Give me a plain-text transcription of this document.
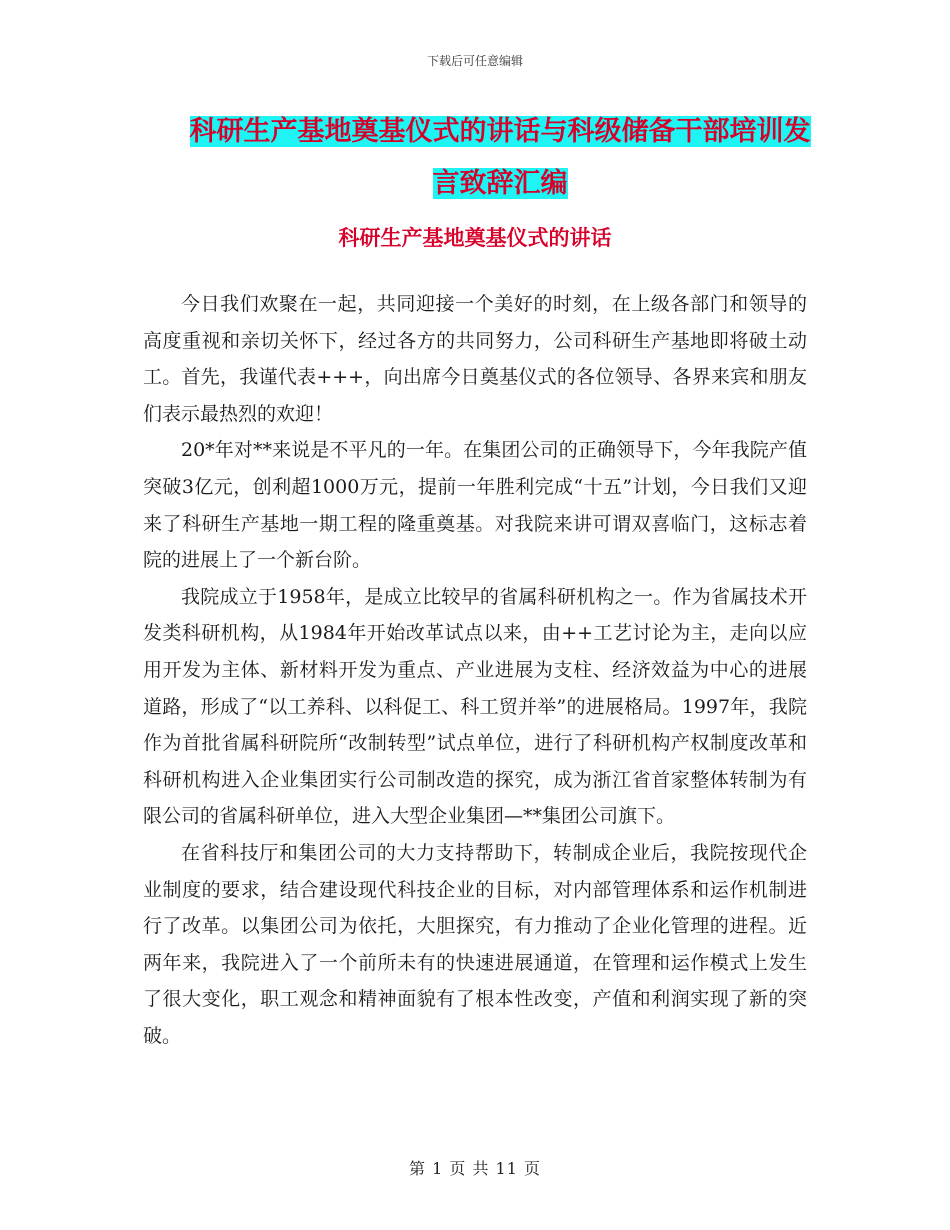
下载后可任意编辑
科研生产基地奠基仪式的讲话与科级储备干部培训发
言致辞汇编
科研生产基地奠基仪式的讲话

今日我们欢聚在一起，共同迎接一个美好的时刻，在上级各部门和领导的高度重视和亲切关怀下，经过各方的共同努力，公司科研生产基地即将破土动工。首先，我谨代表+++，向出席今日奠基仪式的各位领导、各界来宾和朋友们表示最热烈的欢迎！

20*年对**来说是不平凡的一年。在集团公司的正确领导下，今年我院产值突破3亿元，创利超1000万元，提前一年胜利完成“十五”计划，今日我们又迎来了科研生产基地一期工程的隆重奠基。对我院来讲可谓双喜临门，这标志着院的进展上了一个新台阶。

我院成立于1958年，是成立比较早的省属科研机构之一。作为省属技术开发类科研机构，从1984年开始改革试点以来，由++工艺讨论为主，走向以应用开发为主体、新材料开发为重点、产业进展为支柱、经济效益为中心的进展道路，形成了“以工养科、以科促工、科工贸并举”的进展格局。1997年，我院作为首批省属科研院所“改制转型”试点单位，进行了科研机构产权制度改革和科研机构进入企业集团实行公司制改造的探究，成为浙江省首家整体转制为有限公司的省属科研单位，进入大型企业集团—**集团公司旗下。

在省科技厅和集团公司的大力支持帮助下，转制成企业后，我院按现代企业制度的要求，结合建设现代科技企业的目标，对内部管理体系和运作机制进行了改革。以集团公司为依托，大胆探究，有力推动了企业化管理的进程。近两年来，我院进入了一个前所未有的快速进展通道，在管理和运作模式上发生了很大变化，职工观念和精神面貌有了根本性改变，产值和利润实现了新的突破。

第 1 页 共 11 页
